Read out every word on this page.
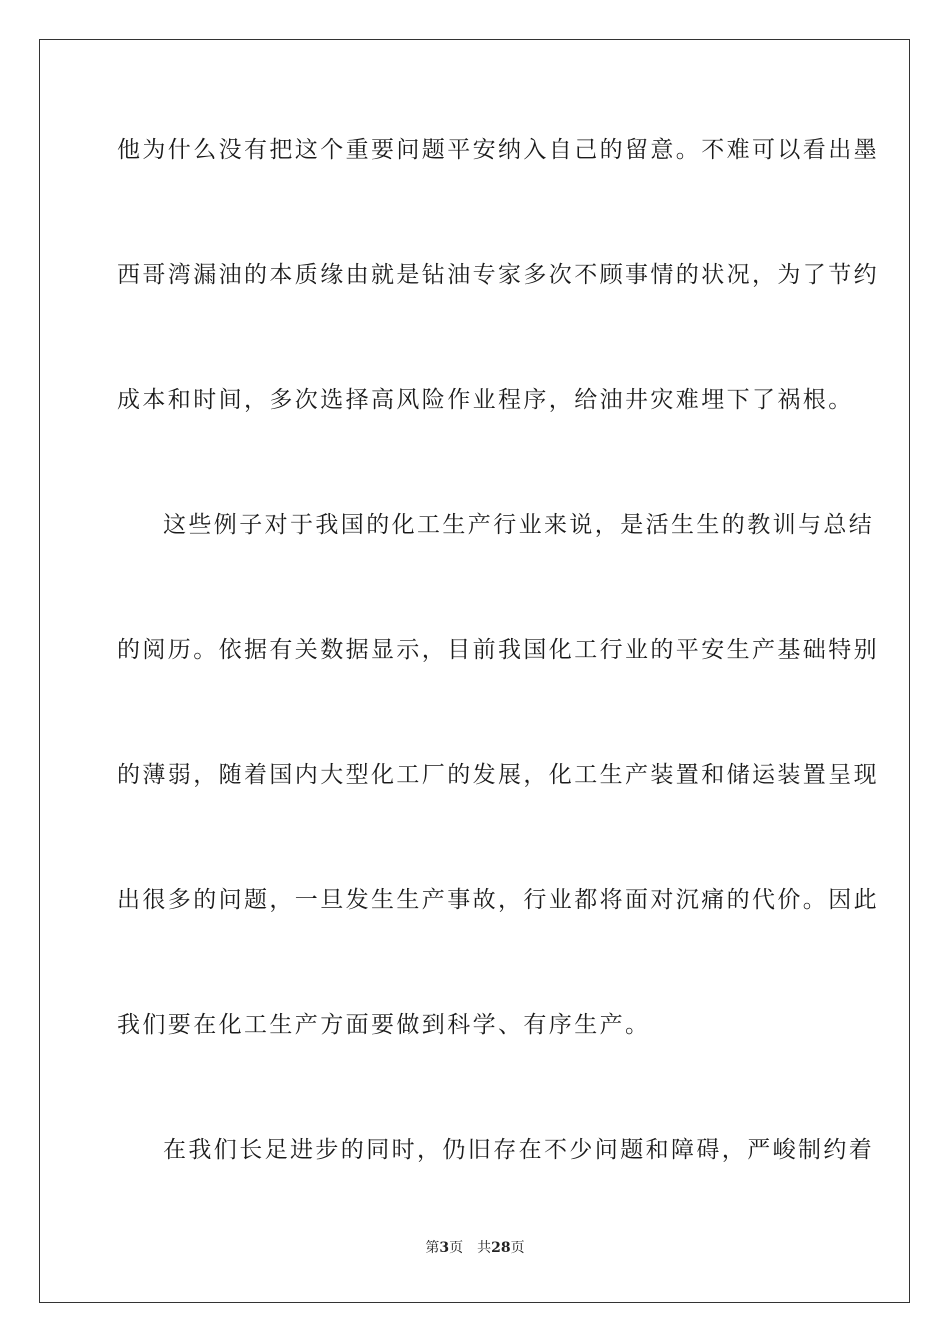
他为什么没有把这个重要问题平安纳入自己的留意。不难可以看出墨
西哥湾漏油的本质缘由就是钻油专家多次不顾事情的状况，为了节约
成本和时间，多次选择高风险作业程序，给油井灾难埋下了祸根。
这些例子对于我国的化工生产行业来说，是活生生的教训与总结
的阅历。依据有关数据显示，目前我国化工行业的平安生产基础特别
的薄弱，随着国内大型化工厂的发展，化工生产装置和储运装置呈现
出很多的问题，一旦发生生产事故，行业都将面对沉痛的代价。因此
我们要在化工生产方面要做到科学、有序生产。
在我们长足进步的同时，仍旧存在不少问题和障碍，严峻制约着
第3页 共28页
